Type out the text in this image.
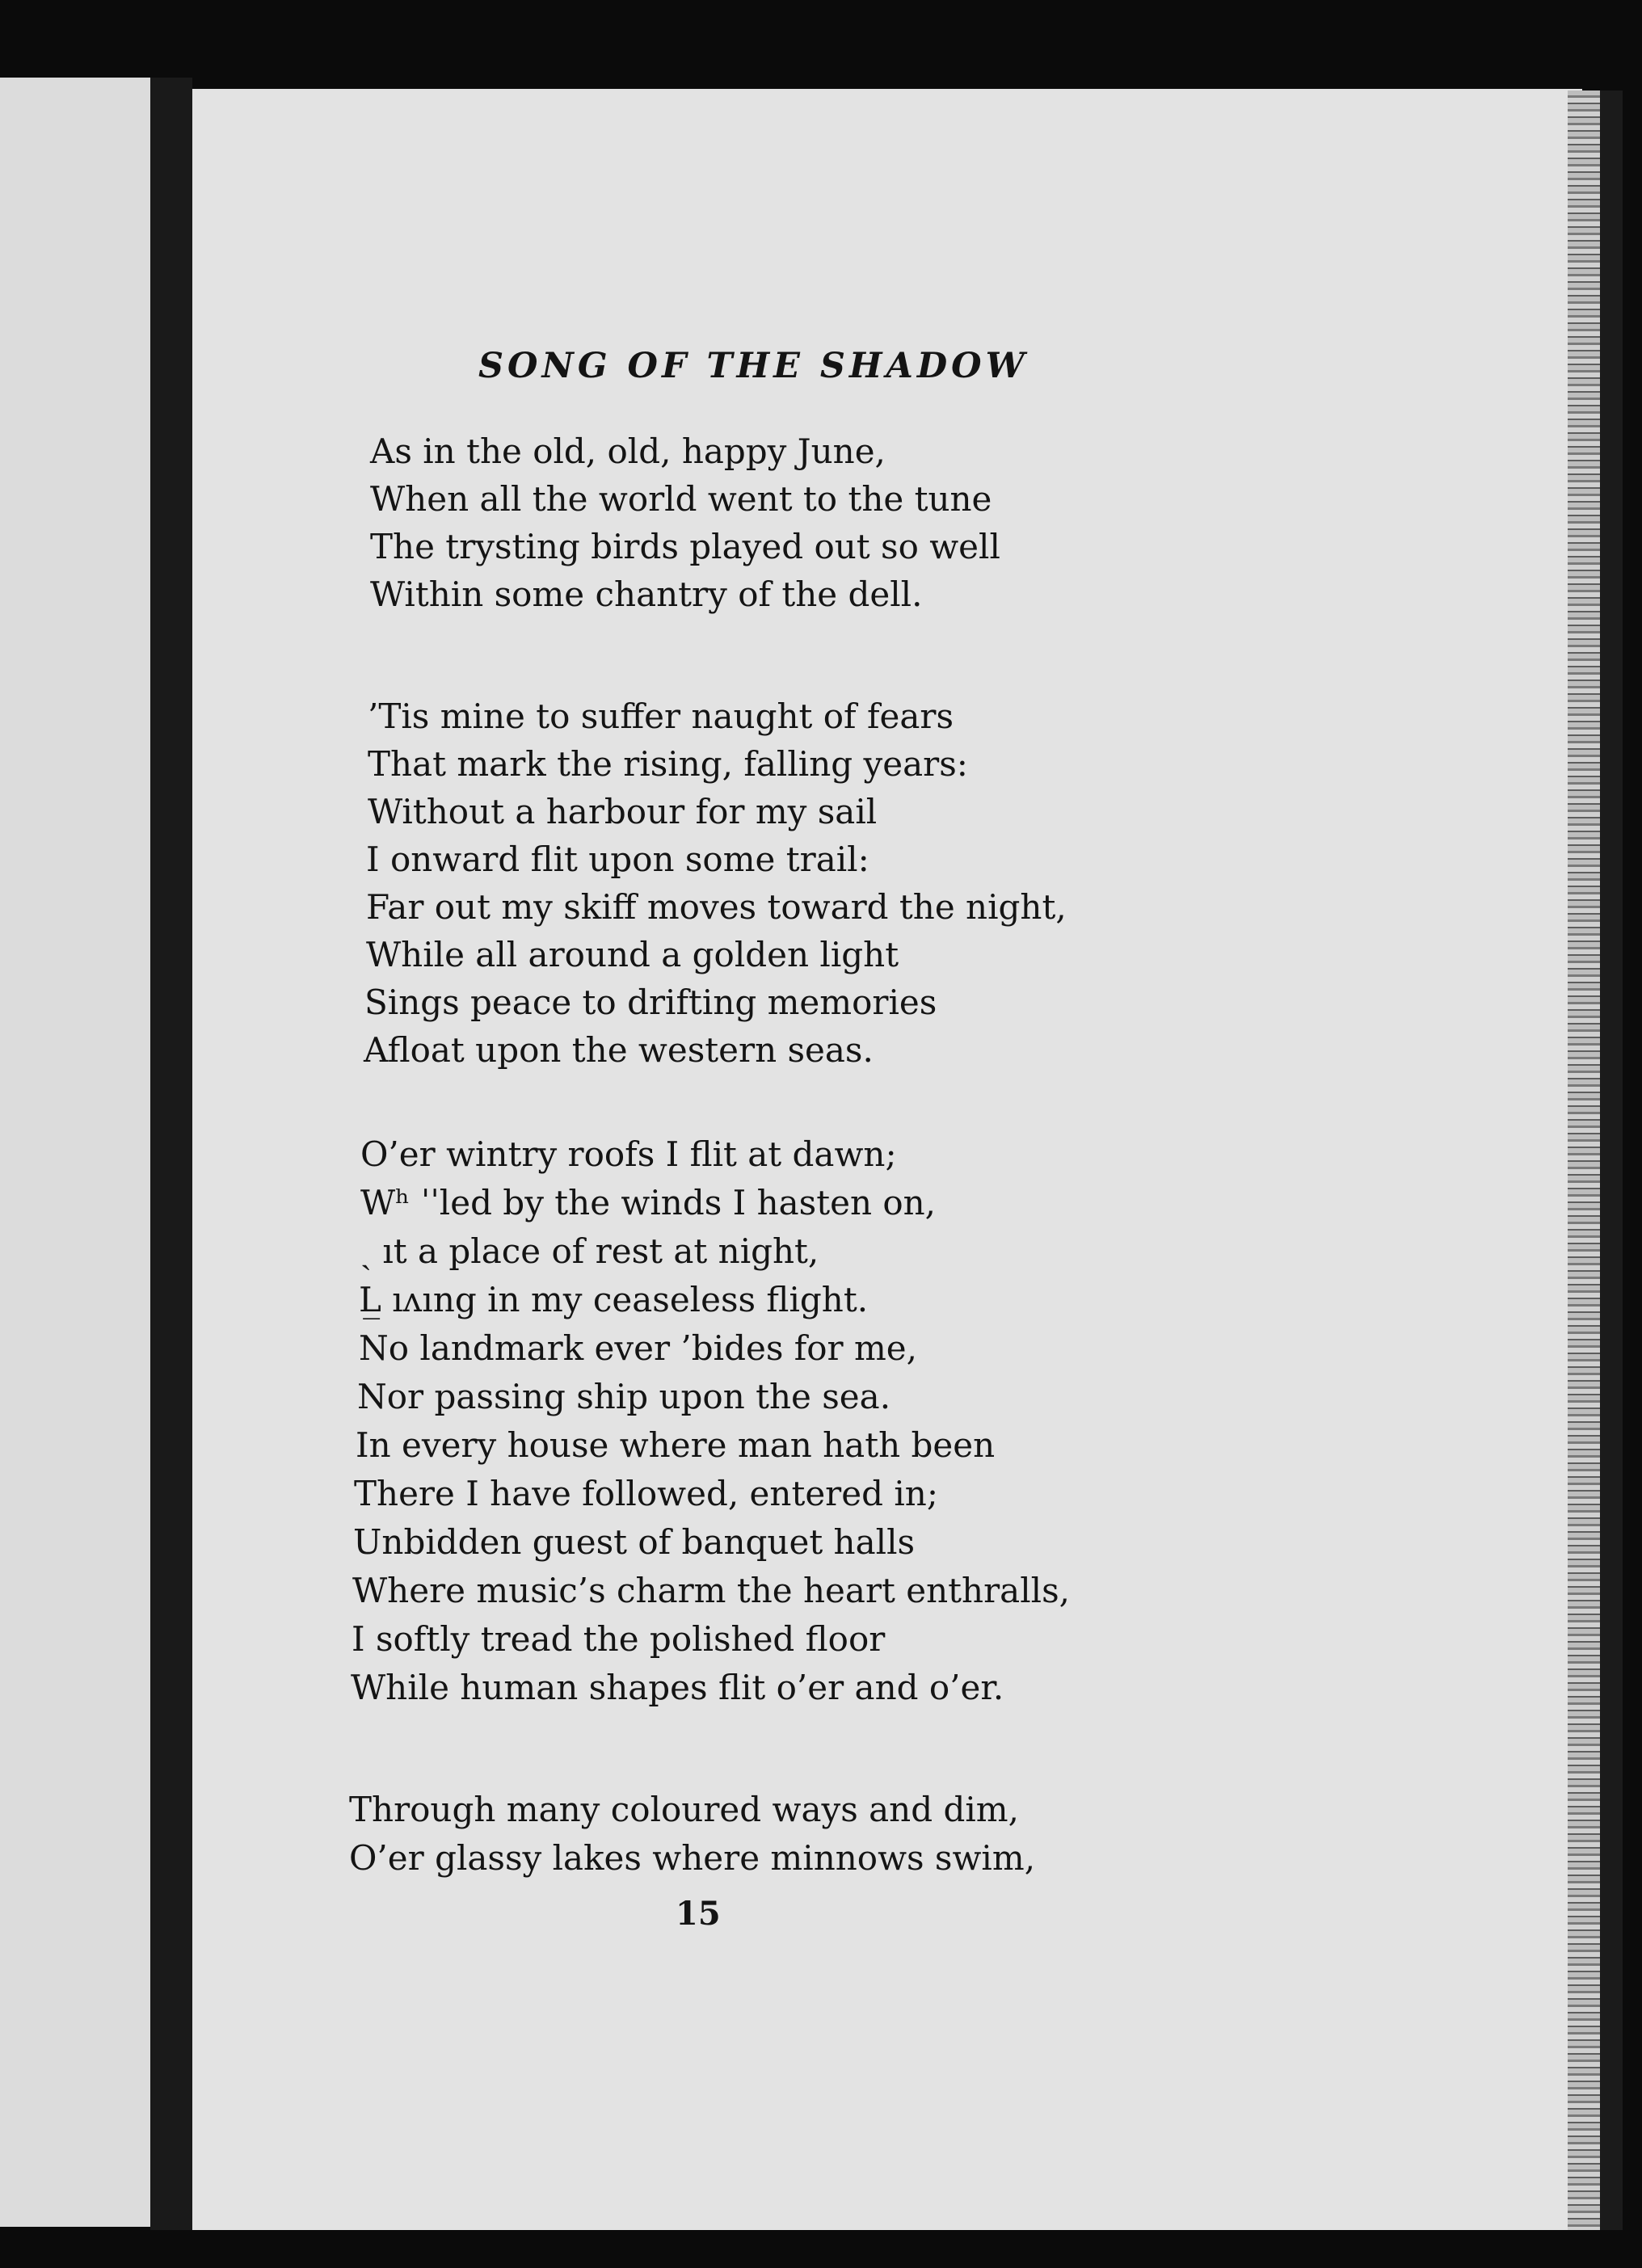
SONG OF THE SHADOW
As in the old, old, happy June,
When all the world went to the tune
The trysting birds played out so well
Within some chantry of the dell.
’Tis mine to suffer naught of fears
That mark the rising, falling years:
Without a harbour for my sail
I onward flit upon some trail:
Far out my skiff moves toward the night,
While all around a golden light
Sings peace to drifting memories
Afloat upon the western seas.
O’er wintry roofs I flit at dawn;
Wʰ ˈˈled by the winds I hasten on,
ˎ ıt a place of rest at night,
L̲ ıʌıng in my ceaseless flight.
No landmark ever ’bides for me,
Nor passing ship upon the sea.
In every house where man hath been
There I have followed, entered in;
Unbidden guest of banquet halls
Where music’s charm the heart enthralls,
I softly tread the polished floor
While human shapes flit o’er and o’er.
Through many coloured ways and dim,
O’er glassy lakes where minnows swim,
15
